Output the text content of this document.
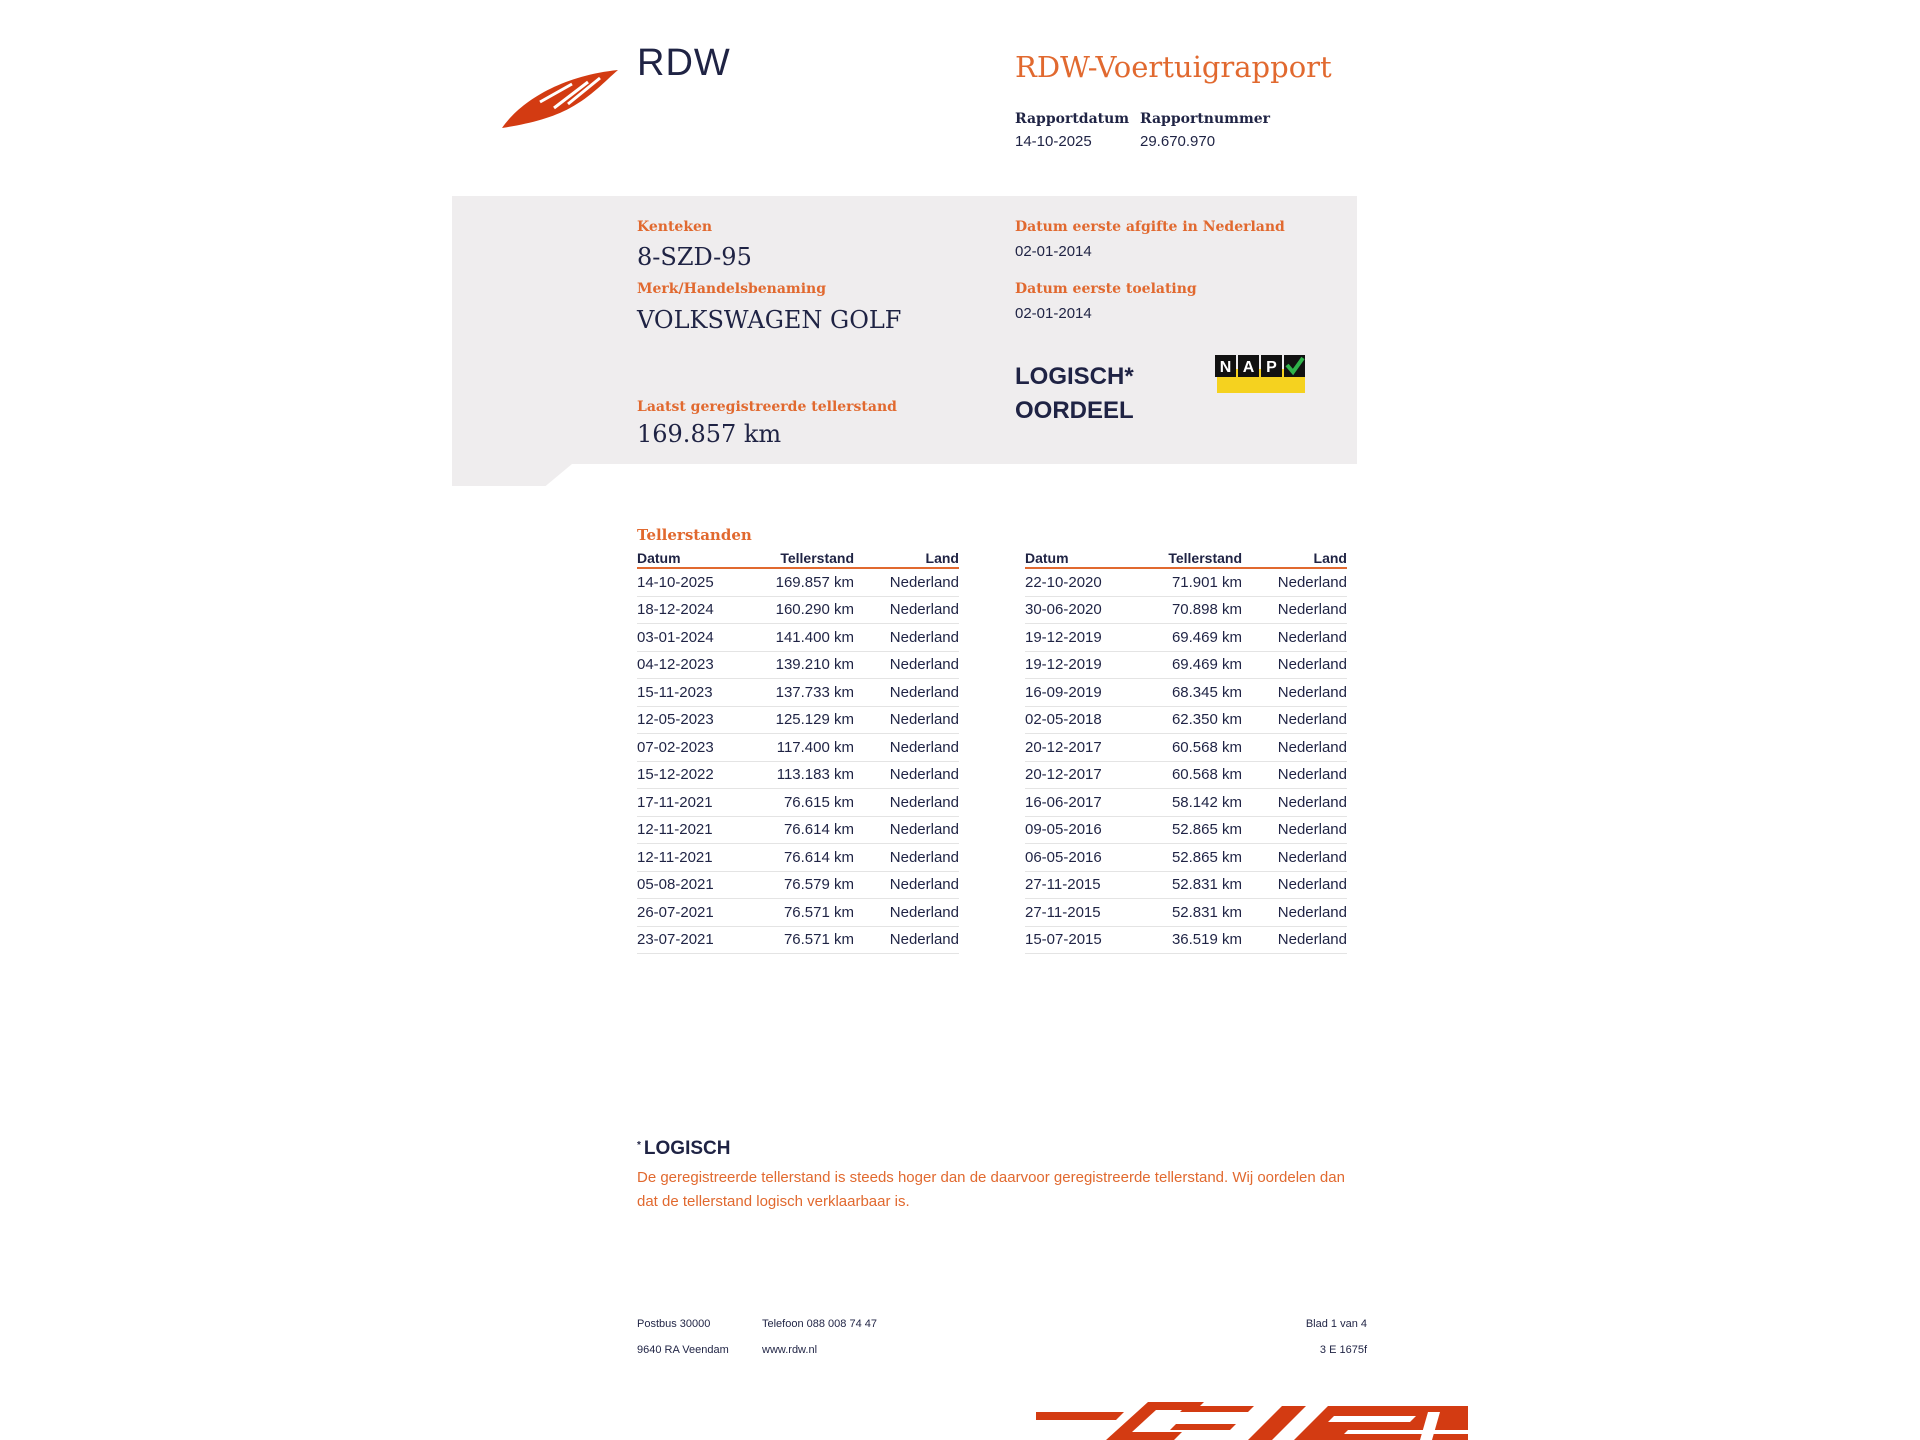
RDW	RDW-Voertuigrapport
Rapportdatum
14-10-2025
Rapportnummer
29.670.970
Kenteken
8-SZD-95
Merk/Handelsbenaming
VOLKSWAGEN GOLF
Laatst geregistreerde tellerstand
169.857 km
Datum eerste afgifte in Nederland
02-01-2014
Datum eerste toelating
02-01-2014
LOGISCH*
OORDEEL
N A P
Tellerstanden
Datum	Tellerstand	Land
14-10-2025	169.857 km	Nederland
18-12-2024	160.290 km	Nederland
03-01-2024	141.400 km	Nederland
04-12-2023	139.210 km	Nederland
15-11-2023	137.733 km	Nederland
12-05-2023	125.129 km	Nederland
07-02-2023	117.400 km	Nederland
15-12-2022	113.183 km	Nederland
17-11-2021	76.615 km	Nederland
12-11-2021	76.614 km	Nederland
12-11-2021	76.614 km	Nederland
05-08-2021	76.579 km	Nederland
26-07-2021	76.571 km	Nederland
23-07-2021	76.571 km	Nederland
Datum	Tellerstand	Land
22-10-2020	71.901 km	Nederland
30-06-2020	70.898 km	Nederland
19-12-2019	69.469 km	Nederland
19-12-2019	69.469 km	Nederland
16-09-2019	68.345 km	Nederland
02-05-2018	62.350 km	Nederland
20-12-2017	60.568 km	Nederland
20-12-2017	60.568 km	Nederland
16-06-2017	58.142 km	Nederland
09-05-2016	52.865 km	Nederland
06-05-2016	52.865 km	Nederland
27-11-2015	52.831 km	Nederland
27-11-2015	52.831 km	Nederland
15-07-2015	36.519 km	Nederland
* LOGISCH
De geregistreerde tellerstand is steeds hoger dan de daarvoor geregistreerde tellerstand. Wij oordelen dan dat de tellerstand logisch verklaarbaar is.
Postbus 30000
9640 RA Veendam
Telefoon 088 008 74 47
www.rdw.nl
Blad 1 van 4
3 E 1675f
